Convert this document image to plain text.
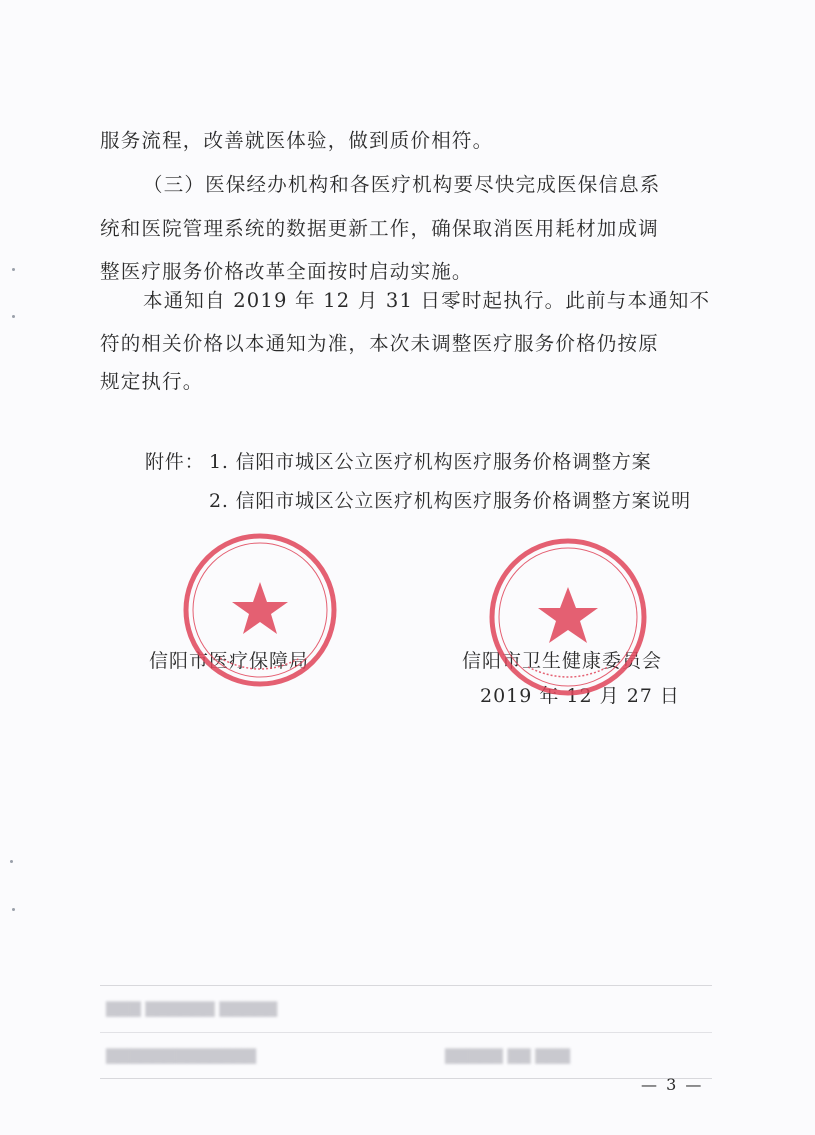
服务流程，改善就医体验，做到质价相符。
（三）医保经办机构和各医疗机构要尽快完成医保信息系
统和医院管理系统的数据更新工作，确保取消医用耗材加成调
整医疗服务价格改革全面按时启动实施。
本通知自 2019 年 12 月 31 日零时起执行。此前与本通知不
符的相关价格以本通知为准，本次未调整医疗服务价格仍按原
规定执行。
附件： 1. 信阳市城区公立医疗机构医疗服务价格调整方案
2. 信阳市城区公立医疗机构医疗服务价格调整方案说明
信阳市医疗保障局	信阳市卫生健康委员会
2019 年 12 月 27 日
▇▇▇ ▇▇▇▇▇▇ ▇▇▇▇▇
▇▇▇▇▇▇▇▇▇▇▇▇▇	▇▇▇▇▇ ▇▇ ▇▇▇
— 3 —
